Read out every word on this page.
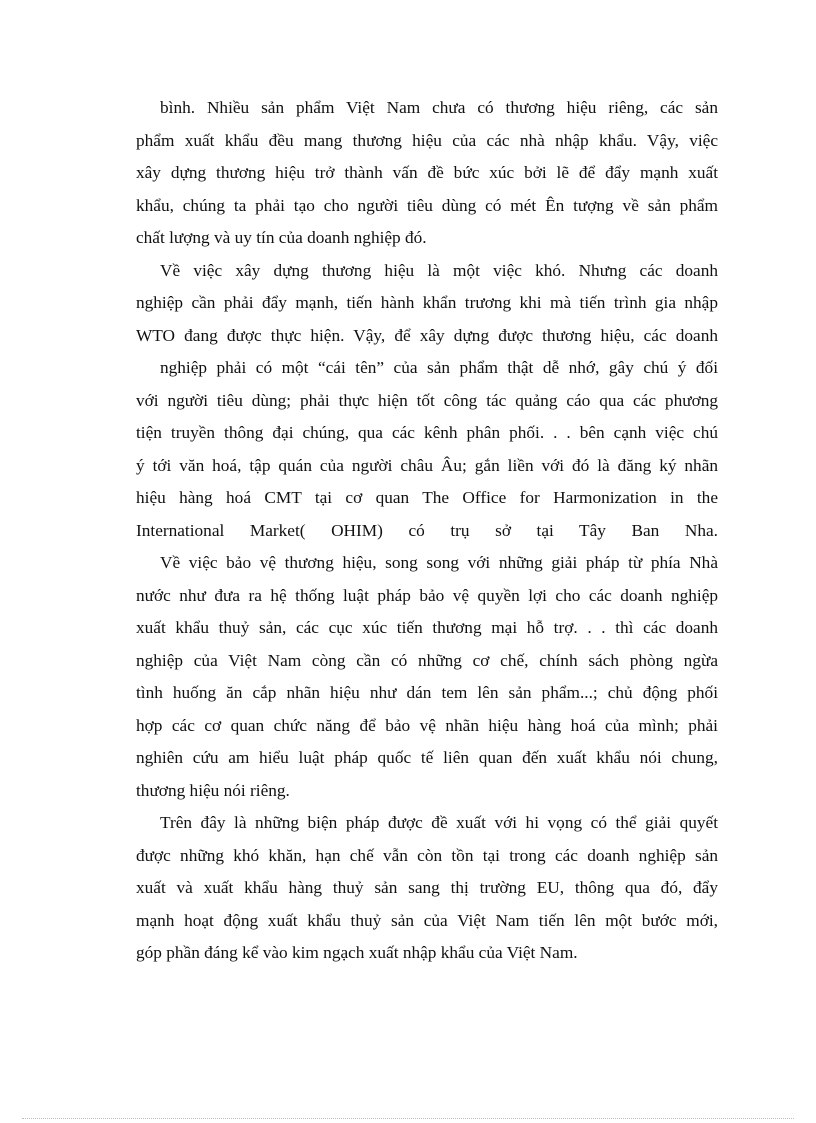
bình. Nhiều sản phẩm Việt Nam chưa có thương hiệu riêng, các sản
phẩm xuất khẩu đều mang thương hiệu của các nhà nhập khẩu. Vậy, việc
xây dựng thương hiệu trở thành vấn đề bức xúc bởi lẽ để đẩy mạnh xuất
khẩu, chúng ta phải tạo cho người tiêu dùng có mét Ên tượng về sản phẩm
chất lượng và uy tín của doanh nghiệp đó.
Về việc xây dựng thương hiệu là một việc khó. Nhưng các doanh
nghiệp cần phải đẩy mạnh, tiến hành khẩn trương khi mà tiến trình gia nhập
WTO đang được thực hiện. Vậy, để xây dựng được thương hiệu, các doanh
nghiệp phải có một “cái tên” của sản phẩm thật dễ nhớ, gây chú ý đối
với người tiêu dùng; phải thực hiện tốt công tác quảng cáo qua các phương
tiện truyền thông đại chúng, qua các kênh phân phối. . . bên cạnh việc chú
ý tới văn hoá, tập quán của người châu Âu; gắn liền với đó là đăng ký nhãn
hiệu hàng hoá CMT tại cơ quan The Office for Harmonization in the
International Market( OHIM) có trụ sở tại Tây Ban Nha.
Về việc bảo vệ thương hiệu, song song với những giải pháp từ phía Nhà
nước như đưa ra hệ thống luật pháp bảo vệ quyền lợi cho các doanh nghiệp
xuất khẩu thuỷ sản, các cục xúc tiến thương mại hỗ trợ. . . thì các doanh
nghiệp của Việt Nam còng cần có những cơ chế, chính sách phòng ngừa
tình huống ăn cắp nhãn hiệu như dán tem lên sản phẩm...; chủ động phối
hợp các cơ quan chức năng để bảo vệ nhãn hiệu hàng hoá của mình; phải
nghiên cứu am hiểu luật pháp quốc tế liên quan đến xuất khẩu nói chung,
thương hiệu nói riêng.
Trên đây là những biện pháp được đề xuất với hi vọng có thể giải quyết
được những khó khăn, hạn chế vẫn còn tồn tại trong các doanh nghiệp sản
xuất và xuất khẩu hàng thuỷ sản sang thị trường EU, thông qua đó, đẩy
mạnh hoạt động xuất khẩu thuỷ sản của Việt Nam tiến lên một bước mới,
góp phần đáng kể vào kim ngạch xuất nhập khẩu của Việt Nam.
